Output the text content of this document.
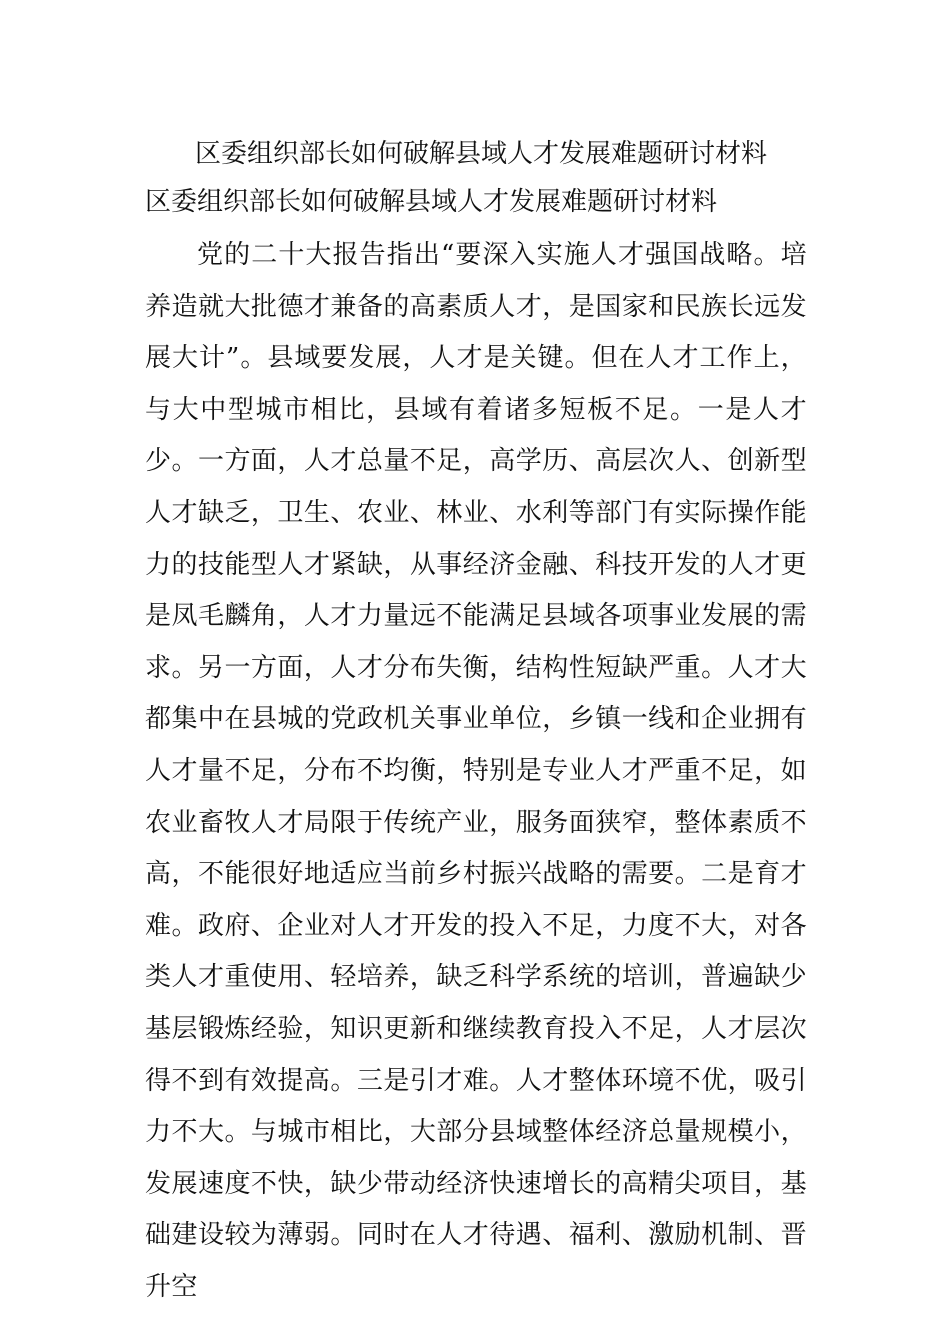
区委组织部长如何破解县域人才发展难题研讨材料
区委组织部长如何破解县域人才发展难题研讨材料

党的二十大报告指出“要深入实施人才强国战略。培养造就大批德才兼备的高素质人才，是国家和民族长远发展大计”。县域要发展，人才是关键。但在人才工作上，与大中型城市相比，县域有着诸多短板不足。一是人才少。一方面，人才总量不足，高学历、高层次人、创新型人才缺乏，卫生、农业、林业、水利等部门有实际操作能力的技能型人才紧缺，从事经济金融、科技开发的人才更是凤毛麟角，人才力量远不能满足县域各项事业发展的需求。另一方面，人才分布失衡，结构性短缺严重。人才大都集中在县城的党政机关事业单位，乡镇一线和企业拥有人才量不足，分布不均衡，特别是专业人才严重不足，如农业畜牧人才局限于传统产业，服务面狭窄，整体素质不高，不能很好地适应当前乡村振兴战略的需要。二是育才难。政府、企业对人才开发的投入不足，力度不大，对各类人才重使用、轻培养，缺乏科学系统的培训，普遍缺少基层锻炼经验，知识更新和继续教育投入不足，人才层次得不到有效提高。三是引才难。人才整体环境不优，吸引力不大。与城市相比，大部分县域整体经济总量规模小，发展速度不快，缺少带动经济快速增长的高精尖项目，基础建设较为薄弱。同时在人才待遇、福利、激励机制、晋升空
